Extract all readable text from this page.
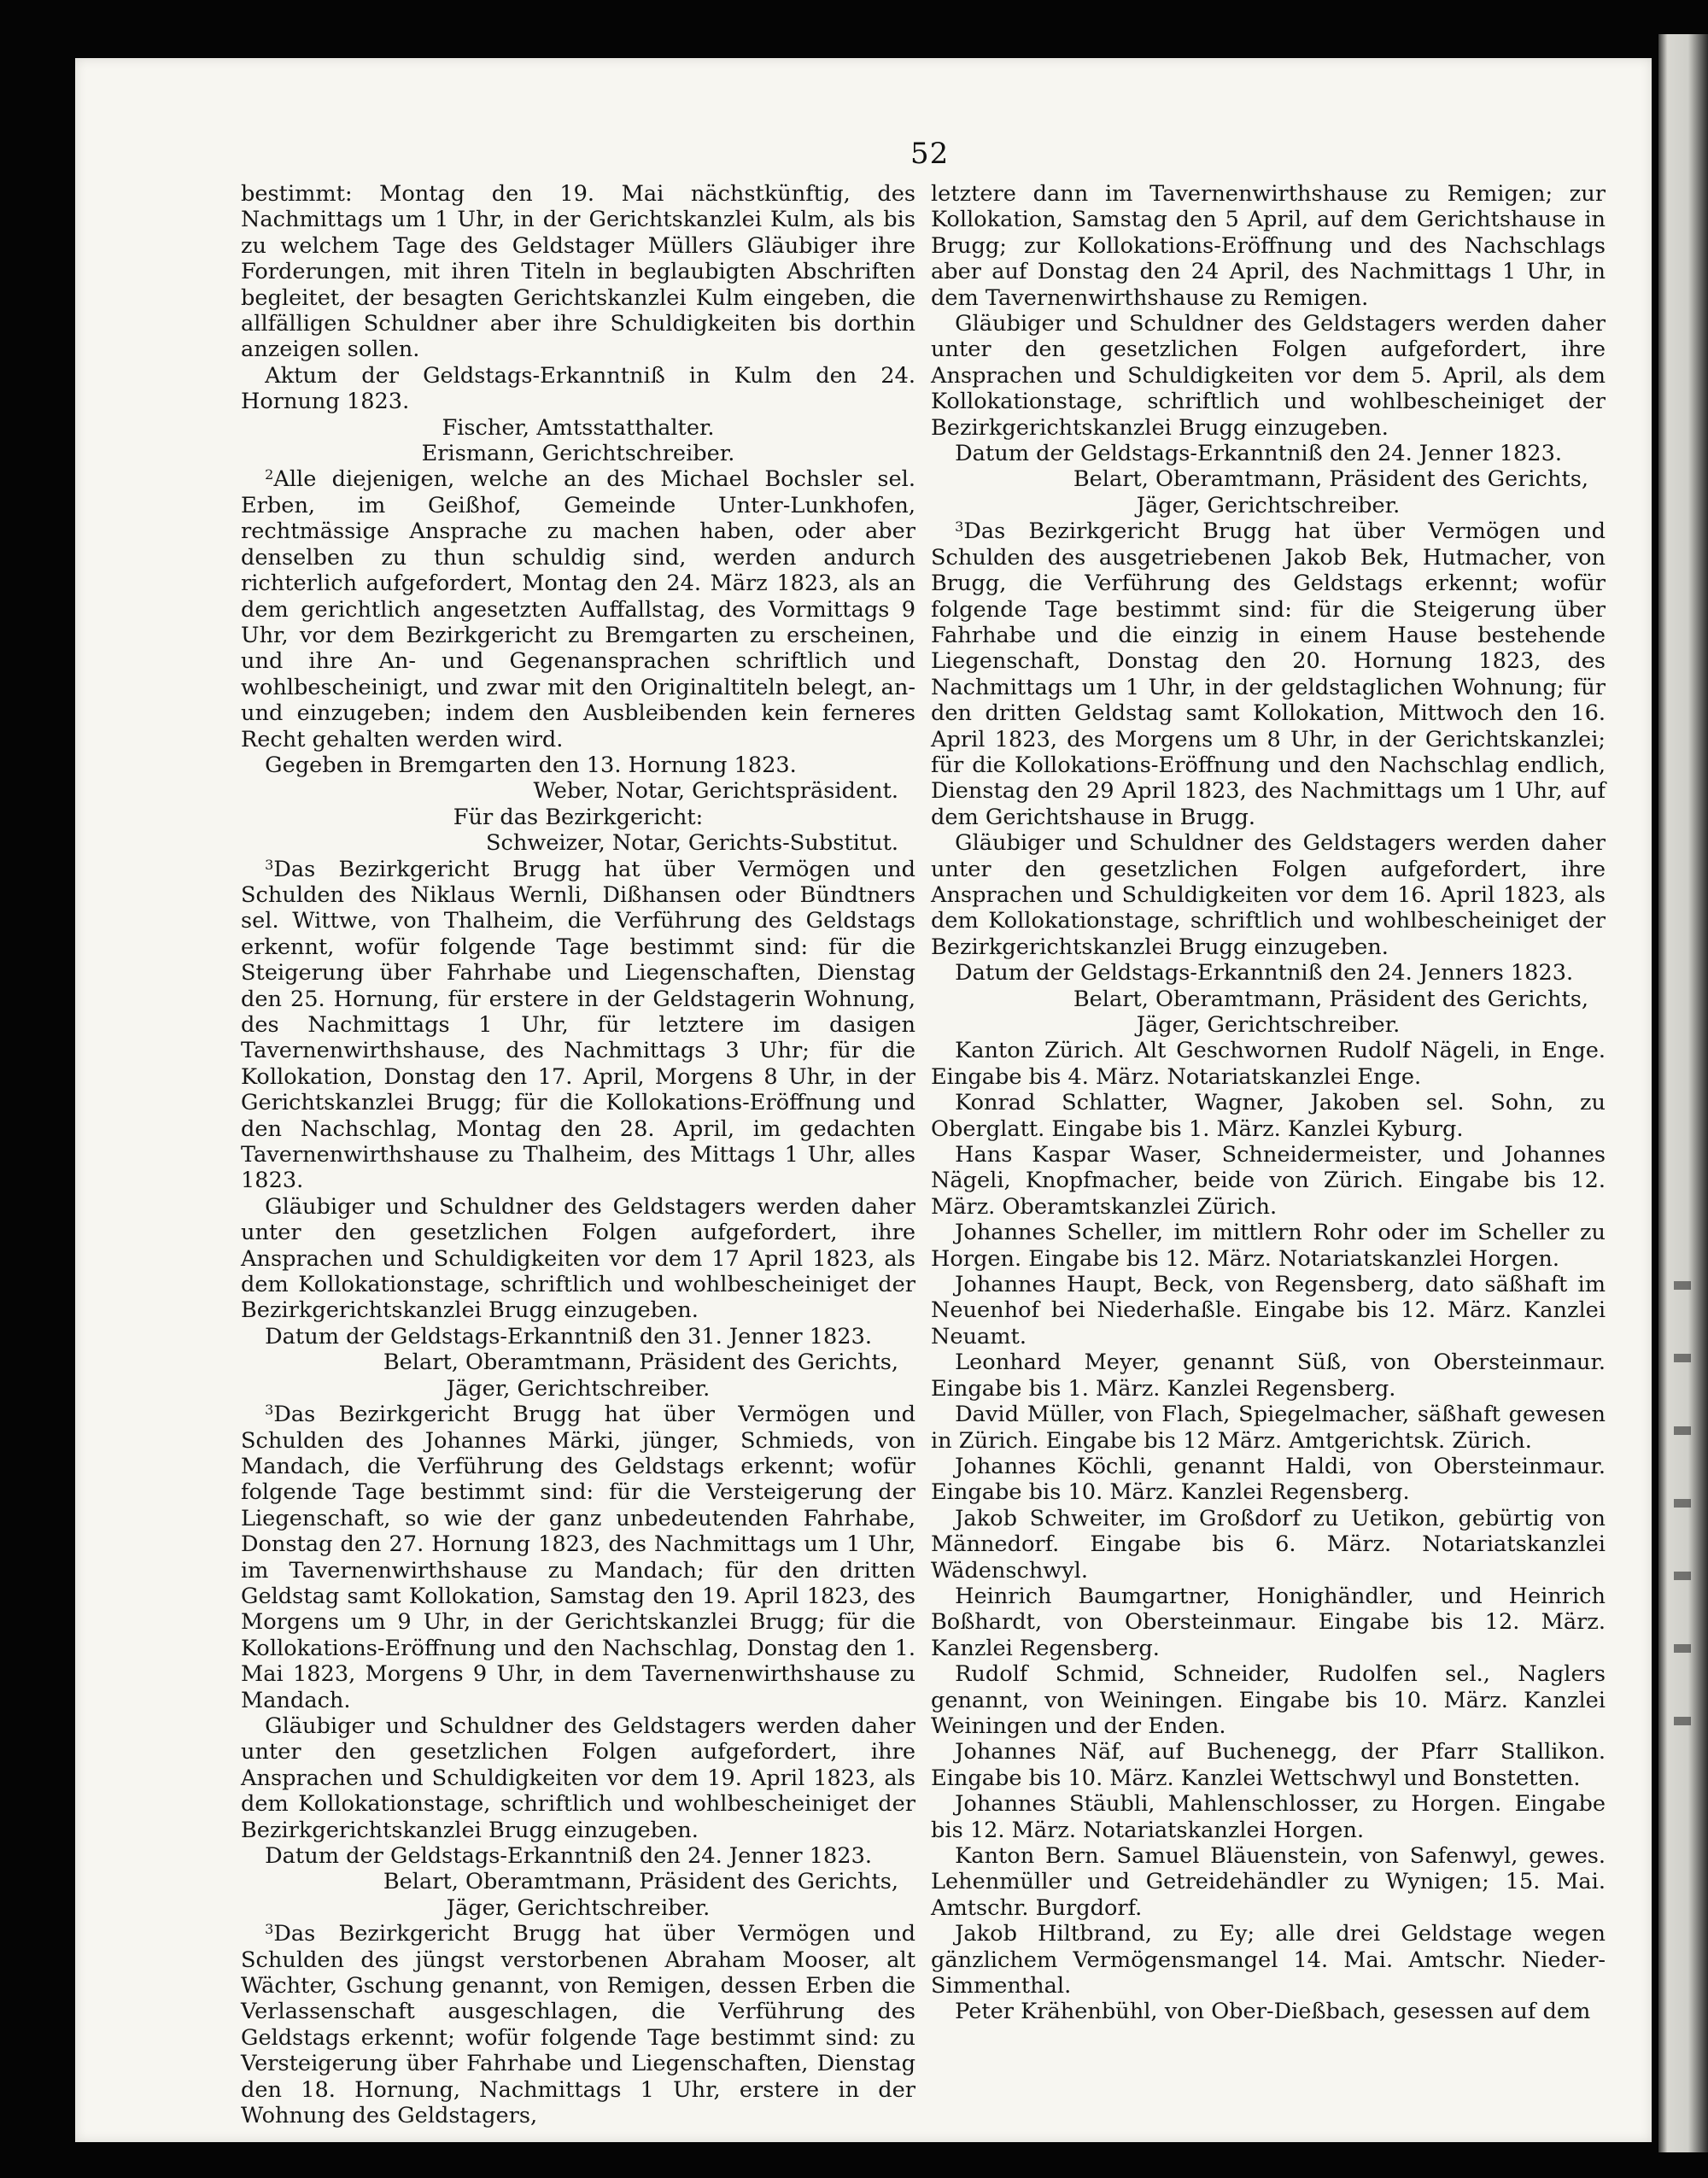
52

bestimmt: Montag den 19. Mai nächstkünftig, des Nachmittags um 1 Uhr, in der Gerichtskanzlei Kulm, als bis zu welchem Tage des Geldstager Müllers Gläubiger ihre Forderungen, mit ihren Titeln in beglaubigten Abschriften begleitet, der besagten Gerichtskanzlei Kulm eingeben, die allfälligen Schuldner aber ihre Schuldigkeiten bis dorthin anzeigen sollen.

Aktum der Geldstags-Erkanntniß in Kulm den 24. Hornung 1823.

Fischer, Amtsstatthalter.

Erismann, Gerichtschreiber.

$^2$Alle diejenigen, welche an des Michael Bochsler sel. Erben, im Geißhof, Gemeinde Unter-Lunkhofen, rechtmässige Ansprache zu machen haben, oder aber denselben zu thun schuldig sind, werden andurch richterlich aufgefordert, Montag den 24. März 1823, als an dem gerichtlich angesetzten Auffallstag, des Vormittags 9 Uhr, vor dem Bezirkgericht zu Bremgarten zu erscheinen, und ihre An- und Gegenansprachen schriftlich und wohlbescheinigt, und zwar mit den Originaltiteln belegt, an- und einzugeben; indem den Ausbleibenden kein ferneres Recht gehalten werden wird.

Gegeben in Bremgarten den 13. Hornung 1823.

Weber, Notar, Gerichtspräsident.

Für das Bezirkgericht:

Schweizer, Notar, Gerichts-Substitut.

$^3$Das Bezirkgericht Brugg hat über Vermögen und Schulden des Niklaus Wernli, Dißhansen oder Bündtners sel. Wittwe, von Thalheim, die Verführung des Geldstags erkennt, wofür folgende Tage bestimmt sind: für die Steigerung über Fahrhabe und Liegenschaften, Dienstag den 25. Hornung, für erstere in der Geldstagerin Wohnung, des Nachmittags 1 Uhr, für letztere im dasigen Tavernenwirthshause, des Nachmittags 3 Uhr; für die Kollokation, Donstag den 17. April, Morgens 8 Uhr, in der Gerichtskanzlei Brugg; für die Kollokations-Eröffnung und den Nachschlag, Montag den 28. April, im gedachten Tavernenwirthshause zu Thalheim, des Mittags 1 Uhr, alles 1823.

Gläubiger und Schuldner des Geldstagers werden daher unter den gesetzlichen Folgen aufgefordert, ihre Ansprachen und Schuldigkeiten vor dem 17 April 1823, als dem Kollokationstage, schriftlich und wohlbescheiniget der Bezirkgerichtskanzlei Brugg einzugeben.

Datum der Geldstags-Erkanntniß den 31. Jenner 1823.

Belart, Oberamtmann, Präsident des Gerichts,

Jäger, Gerichtschreiber.

$^3$Das Bezirkgericht Brugg hat über Vermögen und Schulden des Johannes Märki, jünger, Schmieds, von Mandach, die Verführung des Geldstags erkennt; wofür folgende Tage bestimmt sind: für die Versteigerung der Liegenschaft, so wie der ganz unbedeutenden Fahrhabe, Donstag den 27. Hornung 1823, des Nachmittags um 1 Uhr, im Tavernenwirthshause zu Mandach; für den dritten Geldstag samt Kollokation, Samstag den 19. April 1823, des Morgens um 9 Uhr, in der Gerichtskanzlei Brugg; für die Kollokations-Eröffnung und den Nachschlag, Donstag den 1. Mai 1823, Morgens 9 Uhr, in dem Tavernenwirthshause zu Mandach.

Gläubiger und Schuldner des Geldstagers werden daher unter den gesetzlichen Folgen aufgefordert, ihre Ansprachen und Schuldigkeiten vor dem 19. April 1823, als dem Kollokationstage, schriftlich und wohlbescheiniget der Bezirkgerichtskanzlei Brugg einzugeben.

Datum der Geldstags-Erkanntniß den 24. Jenner 1823.

Belart, Oberamtmann, Präsident des Gerichts,

Jäger, Gerichtschreiber.

$^3$Das Bezirkgericht Brugg hat über Vermögen und Schulden des jüngst verstorbenen Abraham Mooser, alt Wächter, Gschung genannt, von Remigen, dessen Erben die Verlassenschaft ausgeschlagen, die Verführung des Geldstags erkennt; wofür folgende Tage bestimmt sind: zu Versteigerung über Fahrhabe und Liegenschaften, Dienstag den 18. Hornung, Nachmittags 1 Uhr, erstere in der Wohnung des Geldstagers,

letztere dann im Tavernenwirthshause zu Remigen; zur Kollokation, Samstag den 5 April, auf dem Gerichtshause in Brugg; zur Kollokations-Eröffnung und des Nachschlags aber auf Donstag den 24 April, des Nachmittags 1 Uhr, in dem Tavernenwirthshause zu Remigen.

Gläubiger und Schuldner des Geldstagers werden daher unter den gesetzlichen Folgen aufgefordert, ihre Ansprachen und Schuldigkeiten vor dem 5. April, als dem Kollokationstage, schriftlich und wohlbescheiniget der Bezirkgerichtskanzlei Brugg einzugeben.

Datum der Geldstags-Erkanntniß den 24. Jenner 1823.

Belart, Oberamtmann, Präsident des Gerichts,

Jäger, Gerichtschreiber.

$^3$Das Bezirkgericht Brugg hat über Vermögen und Schulden des ausgetriebenen Jakob Bek, Hutmacher, von Brugg, die Verführung des Geldstags erkennt; wofür folgende Tage bestimmt sind: für die Steigerung über Fahrhabe und die einzig in einem Hause bestehende Liegenschaft, Donstag den 20. Hornung 1823, des Nachmittags um 1 Uhr, in der geldstaglichen Wohnung; für den dritten Geldstag samt Kollokation, Mittwoch den 16. April 1823, des Morgens um 8 Uhr, in der Gerichtskanzlei; für die Kollokations-Eröffnung und den Nachschlag endlich, Dienstag den 29 April 1823, des Nachmittags um 1 Uhr, auf dem Gerichtshause in Brugg.

Gläubiger und Schuldner des Geldstagers werden daher unter den gesetzlichen Folgen aufgefordert, ihre Ansprachen und Schuldigkeiten vor dem 16. April 1823, als dem Kollokationstage, schriftlich und wohlbescheiniget der Bezirkgerichtskanzlei Brugg einzugeben.

Datum der Geldstags-Erkanntniß den 24. Jenners 1823.

Belart, Oberamtmann, Präsident des Gerichts,

Jäger, Gerichtschreiber.

Kanton Zürich. Alt Geschwornen Rudolf Nägeli, in Enge. Eingabe bis 4. März. Notariatskanzlei Enge.

Konrad Schlatter, Wagner, Jakoben sel. Sohn, zu Oberglatt. Eingabe bis 1. März. Kanzlei Kyburg.

Hans Kaspar Waser, Schneidermeister, und Johannes Nägeli, Knopfmacher, beide von Zürich. Eingabe bis 12. März. Oberamtskanzlei Zürich.

Johannes Scheller, im mittlern Rohr oder im Scheller zu Horgen. Eingabe bis 12. März. Notariatskanzlei Horgen.

Johannes Haupt, Beck, von Regensberg, dato säßhaft im Neuenhof bei Niederhaßle. Eingabe bis 12. März. Kanzlei Neuamt.

Leonhard Meyer, genannt Süß, von Obersteinmaur. Eingabe bis 1. März. Kanzlei Regensberg.

David Müller, von Flach, Spiegelmacher, säßhaft gewesen in Zürich. Eingabe bis 12 März. Amtgerichtsk. Zürich.

Johannes Köchli, genannt Haldi, von Obersteinmaur. Eingabe bis 10. März. Kanzlei Regensberg.

Jakob Schweiter, im Großdorf zu Uetikon, gebürtig von Männedorf. Eingabe bis 6. März. Notariatskanzlei Wädenschwyl.

Heinrich Baumgartner, Honighändler, und Heinrich Boßhardt, von Obersteinmaur. Eingabe bis 12. März. Kanzlei Regensberg.

Rudolf Schmid, Schneider, Rudolfen sel., Naglers genannt, von Weiningen. Eingabe bis 10. März. Kanzlei Weiningen und der Enden.

Johannes Näf, auf Buchenegg, der Pfarr Stallikon. Eingabe bis 10. März. Kanzlei Wettschwyl und Bonstetten.

Johannes Stäubli, Mahlenschlosser, zu Horgen. Eingabe bis 12. März. Notariatskanzlei Horgen.

Kanton Bern. Samuel Bläuenstein, von Safenwyl, gewes. Lehenmüller und Getreidehändler zu Wynigen; 15. Mai. Amtschr. Burgdorf.

Jakob Hiltbrand, zu Ey; alle drei Geldstage wegen gänzlichem Vermögensmangel 14. Mai. Amtschr. Nieder-Simmenthal.

Peter Krähenbühl, von Ober-Dießbach, gesessen auf dem
